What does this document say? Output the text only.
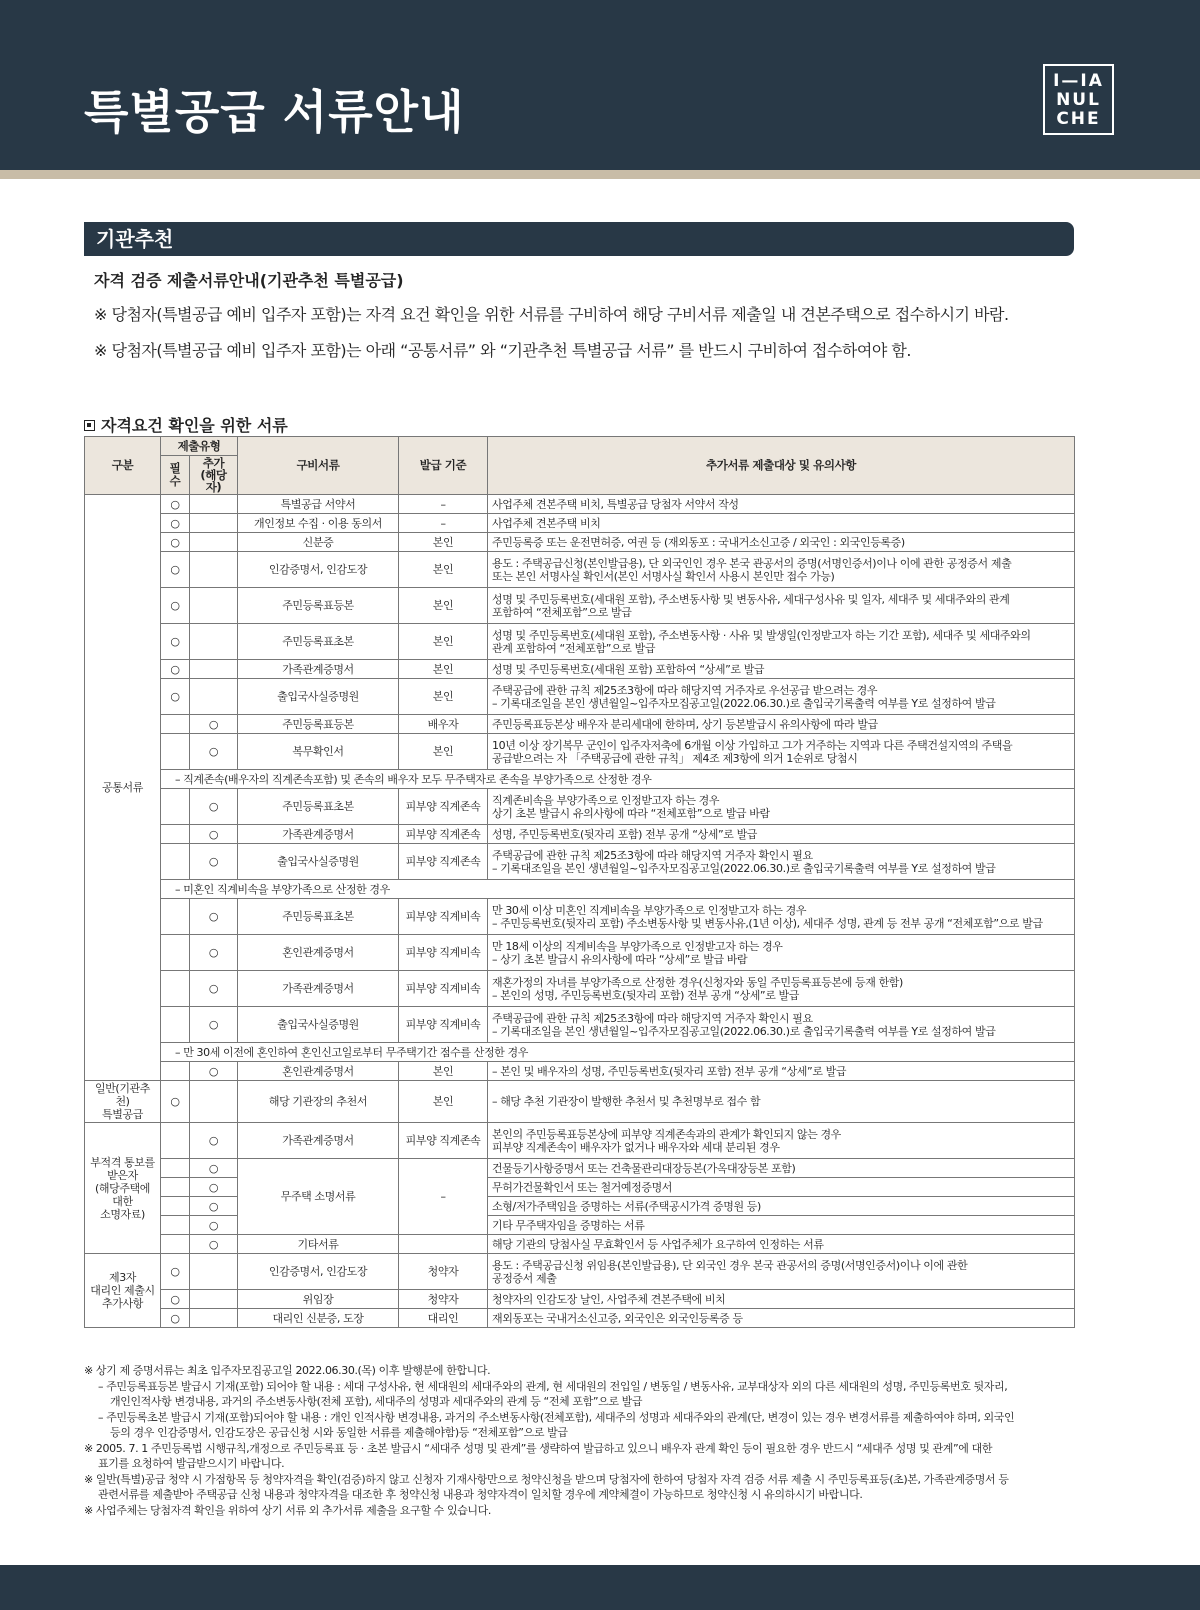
특별공급 서류안내
I—IA
NUL
CHE
기관추천
자격 검증 제출서류안내(기관추천 특별공급)
※ 당첨자(특별공급 예비 입주자 포함)는 자격 요건 확인을 위한 서류를 구비하여 해당 구비서류 제출일 내 견본주택으로 접수하시기 바람.
※ 당첨자(특별공급 예비 입주자 포함)는 아래 “공통서류” 와 “기관추천 특별공급 서류” 를 반드시 구비하여 접수하여야 함.
자격요건 확인을 위한 서류
구분	제출유형		구비서류	발급 기준	추가서류 제출대상 및 유의사항
	필수	추가
(해당자)			
공통서류	○		특별공급 서약서	–	사업주체 견본주택 비치, 특별공급 당첨자 서약서 작성
	○		개인정보 수집 · 이용 동의서	–	사업주체 견본주택 비치
	○		신분증	본인	주민등록증 또는 운전면허증, 여권 등 (재외동포 : 국내거소신고증 / 외국인 : 외국인등록증)
	○		인감증명서, 인감도장	본인	용도 : 주택공급신청(본인발급용), 단 외국인인 경우 본국 관공서의 증명(서명인증서)이나 이에 관한 공정증서 제출
또는 본인 서명사실 확인서(본인 서명사실 확인서 사용시 본인만 접수 가능)
	○		주민등록표등본	본인	성명 및 주민등록번호(세대원 포함), 주소변동사항 및 변동사유, 세대구성사유 및 일자, 세대주 및 세대주와의 관계
포함하여 “전체포함”으로 발급
	○		주민등록표초본	본인	성명 및 주민등록번호(세대원 포함), 주소변동사항 · 사유 및 발생일(인정받고자 하는 기간 포함), 세대주 및 세대주와의
관계 포함하여 “전체포함”으로 발급
	○		가족관계증명서	본인	성명 및 주민등록번호(세대원 포함) 포함하여 “상세”로 발급
	○		출입국사실증명원	본인	주택공급에 관한 규칙 제25조3항에 따라 해당지역 거주자로 우선공급 받으려는 경우
– 기록대조일을 본인 생년월일~입주자모집공고일(2022.06.30.)로 출입국기록출력 여부를 Y로 설정하여 발급
		○	주민등록표등본	배우자	주민등록표등본상 배우자 분리세대에 한하며, 상기 등본발급시 유의사항에 따라 발급
		○	복무확인서	본인	10년 이상 장기복무 군인이 입주자저축에 6개월 이상 가입하고 그가 거주하는 지역과 다른 주택건설지역의 주택을
공급받으려는 자 「주택공급에 관한 규칙」 제4조 제3항에 의거 1순위로 당첨시
	– 직계존속(배우자의 직계존속포함) 및 존속의 배우자 모두 무주택자로 존속을 부양가족으로 산정한 경우				
		○	주민등록표초본	피부양 직계존속	직계존비속을 부양가족으로 인정받고자 하는 경우
상기 초본 발급시 유의사항에 따라 “전체포함”으로 발급 바람
		○	가족관계증명서	피부양 직계존속	성명, 주민등록번호(뒷자리 포함) 전부 공개 “상세”로 발급
		○	출입국사실증명원	피부양 직계존속	주택공급에 관한 규칙 제25조3항에 따라 해당지역 거주자 확인시 필요
– 기록대조일을 본인 생년월일~입주자모집공고일(2022.06.30.)로 출입국기록출력 여부를 Y로 설정하여 발급
	– 미혼인 직계비속을 부양가족으로 산정한 경우				
		○	주민등록표초본	피부양 직계비속	만 30세 이상 미혼인 직계비속을 부양가족으로 인정받고자 하는 경우
– 주민등록번호(뒷자리 포함) 주소변동사항 및 변동사유,(1년 이상), 세대주 성명, 관계 등 전부 공개 “전체포함”으로 발급
		○	혼인관계증명서	피부양 직계비속	만 18세 이상의 직계비속을 부양가족으로 인정받고자 하는 경우
– 상기 초본 발급시 유의사항에 따라 “상세”로 발급 바람
		○	가족관계증명서	피부양 직계비속	재혼가정의 자녀를 부양가족으로 산정한 경우(신청자와 동일 주민등록표등본에 등재 한함)
– 본인의 성명, 주민등록번호(뒷자리 포함) 전부 공개 “상세”로 발급
		○	출입국사실증명원	피부양 직계비속	주택공급에 관한 규칙 제25조3항에 따라 해당지역 거주자 확인시 필요
– 기록대조일을 본인 생년월일~입주자모집공고일(2022.06.30.)로 출입국기록출력 여부를 Y로 설정하여 발급
	– 만 30세 이전에 혼인하여 혼인신고일로부터 무주택기간 점수를 산정한 경우				
		○	혼인관계증명서	본인	– 본인 및 배우자의 성명, 주민등록번호(뒷자리 포함) 전부 공개 “상세”로 발급
일반(기관추천)
특별공급	○		해당 기관장의 추천서	본인	– 해당 추천 기관장이 발행한 추천서 및 추천명부로 접수 함
부적격 통보를
받은자
(해당주택에
대한
소명자료)		○	가족관계증명서	피부양 직계존속	본인의 주민등록표등본상에 피부양 직계존속과의 관계가 확인되지 않는 경우
피부양 직계존속이 배우자가 없거나 배우자와 세대 분리된 경우
		○	무주택 소명서류	–	건물등기사항증명서 또는 건축물관리대장등본(가옥대장등본 포함)
		○			무허가건물확인서 또는 철거예정증명서
		○			소형/저가주택임을 증명하는 서류(주택공시가격 증명원 등)
		○			기타 무주택자임을 증명하는 서류
		○	기타서류		해당 기관의 당첨사실 무효확인서 등 사업주체가 요구하여 인정하는 서류
제3자
대리인 제출시
추가사항	○		인감증명서, 인감도장	청약자	용도 : 주택공급신청 위임용(본인발급용), 단 외국인 경우 본국 관공서의 증명(서명인증서)이나 이에 관한
공정증서 제출
	○		위임장	청약자	청약자의 인감도장 날인, 사업주체 견본주택에 비치
	○		대리인 신분증, 도장	대리인	재외동포는 국내거소신고증, 외국인은 외국인등록증 등

※ 상기 제 증명서류는 최초 입주자모집공고일 2022.06.30.(목) 이후 발행분에 한합니다.

– 주민등록표등본 발급시 기재(포함) 되어야 할 내용 : 세대 구성사유, 현 세대원의 세대주와의 관계, 현 세대원의 전입일 / 변동일 / 변동사유, 교부대상자 외의 다른 세대원의 성명, 주민등록번호 뒷자리,

개인인적사항 변경내용, 과거의 주소변동사항(전체 포함), 세대주의 성명과 세대주와의 관계 등 “전체 포함”으로 발급

– 주민등록초본 발급시 기재(포함)되어야 할 내용 : 개인 인적사항 변경내용, 과거의 주소변동사항(전체포함), 세대주의 성명과 세대주와의 관계(단, 변경이 있는 경우 변경서류를 제출하여야 하며, 외국인

등의 경우 인감증명서, 인감도장은 공급신청 시와 동일한 서류를 제출해야함)등 “전체포함”으로 발급

※ 2005. 7. 1 주민등록법 시행규칙,개정으로 주민등록표 등 · 초본 발급시 “세대주 성명 및 관계”를 생략하여 발급하고 있으니 배우자 관계 확인 등이 필요한 경우 반드시 “세대주 성명 및 관계”에 대한

표기를 요청하여 발급받으시기 바랍니다.

※ 일반(특별)공급 청약 시 가점항목 등 청약자격을 확인(검증)하지 않고 신청자 기재사항만으로 청약신청을 받으며 당첨자에 한하여 당첨자 자격 검증 서류 제출 시 주민등록표등(초)본, 가족관계증명서 등

관련서류를 제출받아 주택공급 신청 내용과 청약자격을 대조한 후 청약신청 내용과 청약자격이 일치할 경우에 계약체결이 가능하므로 청약신청 시 유의하시기 바랍니다.

※ 사업주체는 당첨자격 확인을 위하여 상기 서류 외 추가서류 제출을 요구할 수 있습니다.
